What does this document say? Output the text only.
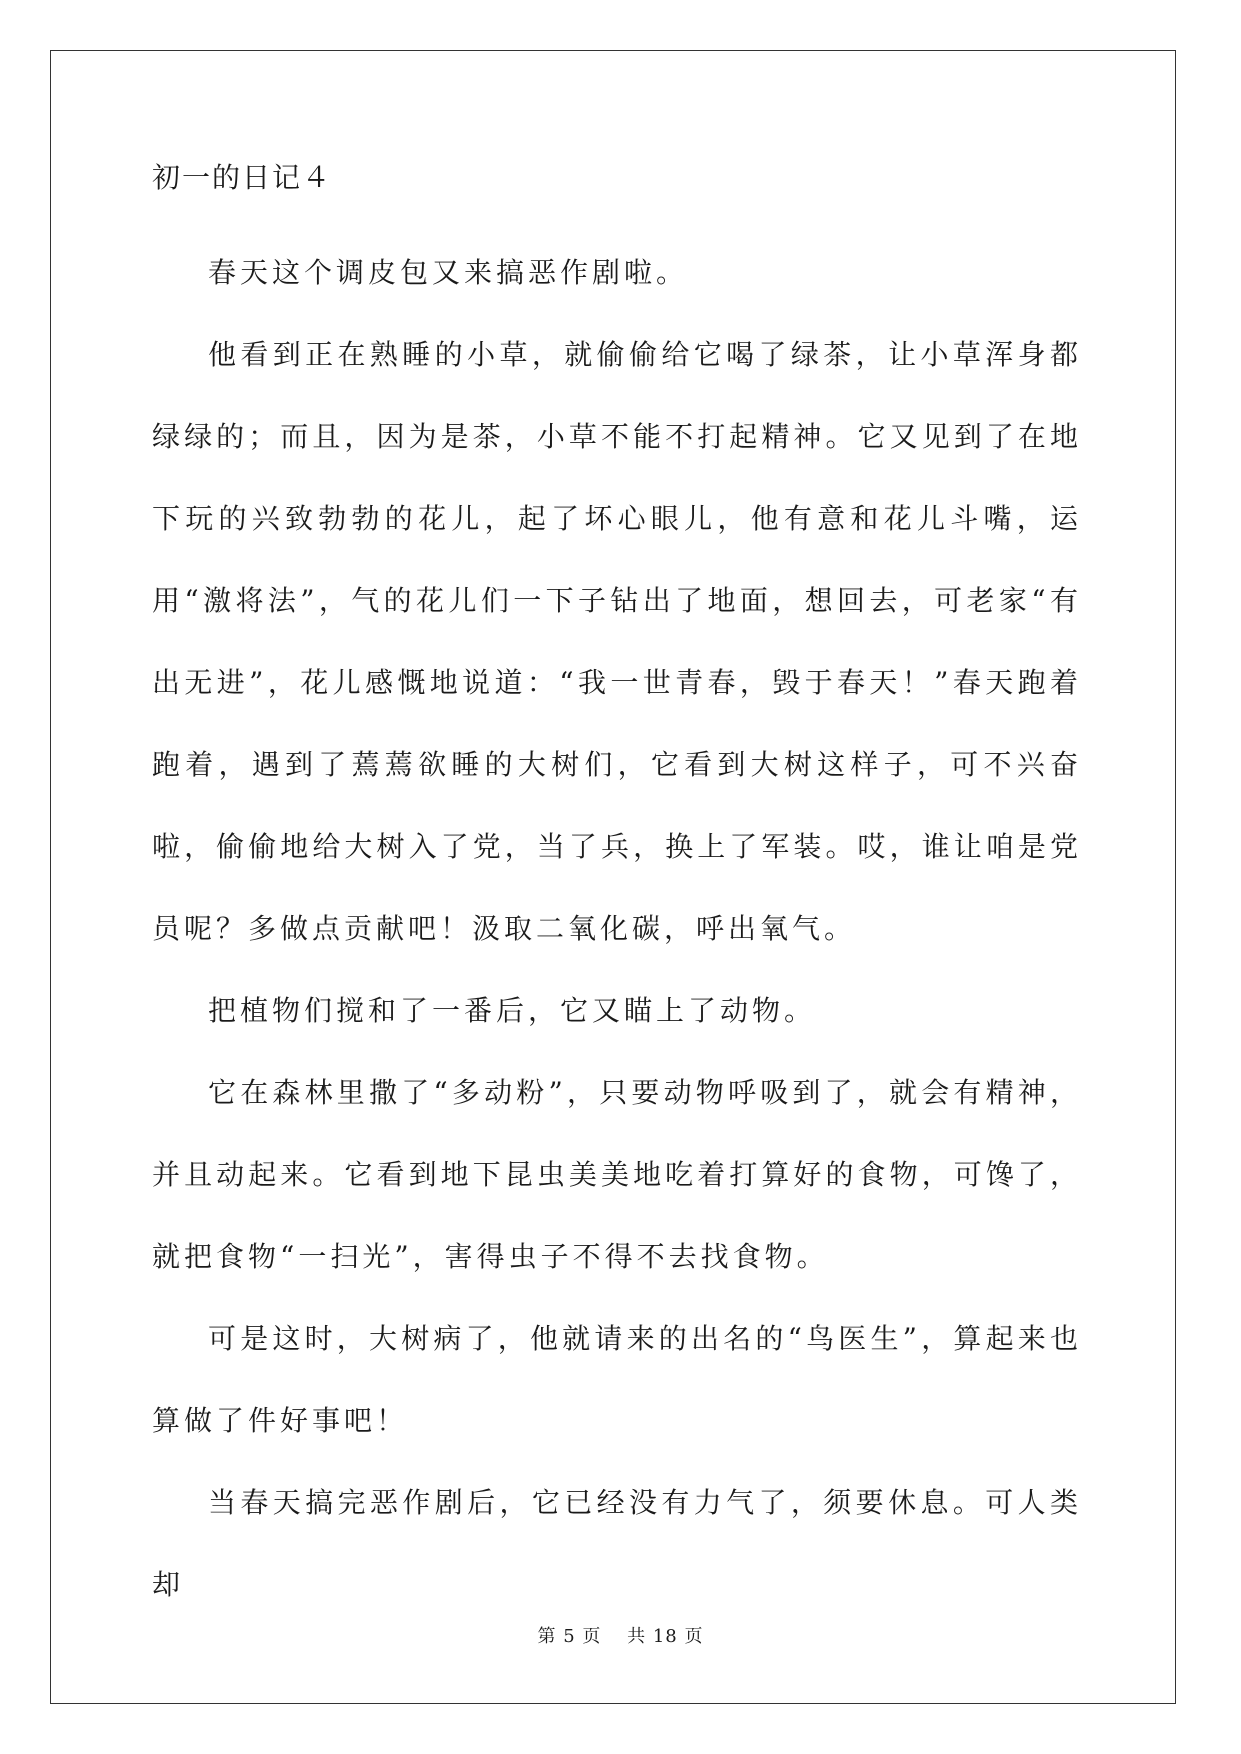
初一的日记４

春天这个调皮包又来搞恶作剧啦。

他看到正在熟睡的小草，就偷偷给它喝了绿茶，让小草浑身都绿绿的；而且，因为是茶，小草不能不打起精神。它又见到了在地下玩的兴致勃勃的花儿，起了坏心眼儿，他有意和花儿斗嘴，运用“激将法”，气的花儿们一下子钻出了地面，想回去，可老家“有出无进”，花儿感慨地说道：“我一世青春，毁于春天！”春天跑着跑着，遇到了蔫蔫欲睡的大树们，它看到大树这样子，可不兴奋啦，偷偷地给大树入了党，当了兵，换上了军装。哎，谁让咱是党员呢？多做点贡献吧！汲取二氧化碳，呼出氧气。

把植物们搅和了一番后，它又瞄上了动物。

它在森林里撒了“多动粉”，只要动物呼吸到了，就会有精神，并且动起来。它看到地下昆虫美美地吃着打算好的食物，可馋了，就把食物“一扫光”，害得虫子不得不去找食物。

可是这时，大树病了，他就请来的出名的“鸟医生”，算起来也算做了件好事吧！

当春天搞完恶作剧后，它已经没有力气了，须要休息。可人类却

第 5 页　 共 18 页
